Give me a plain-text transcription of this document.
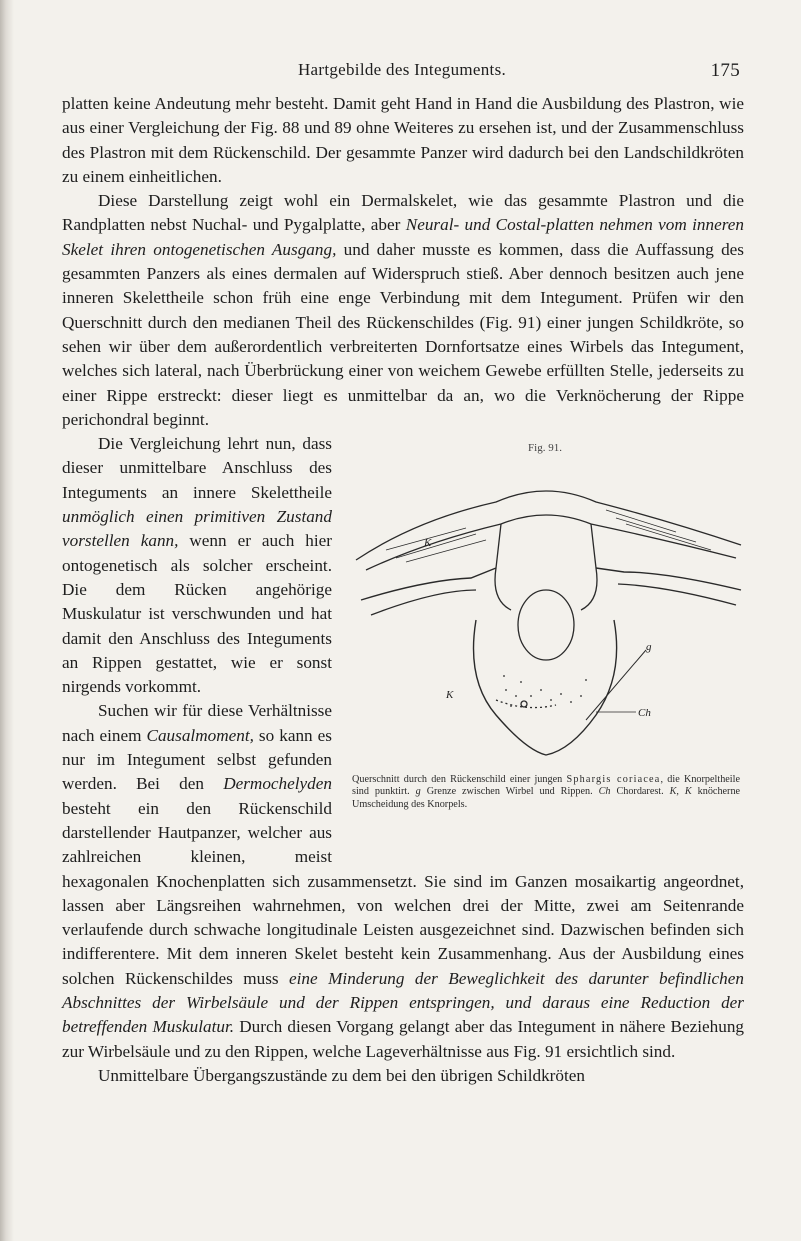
Hartgebilde des Integuments.	175

platten keine Andeutung mehr besteht. Damit geht Hand in Hand die Ausbildung des Plastron, wie aus einer Vergleichung der Fig. 88 und 89 ohne Weiteres zu ersehen ist, und der Zusammenschluss des Plastron mit dem Rückenschild. Der gesammte Panzer wird dadurch bei den Landschildkröten zu einem einheitlichen.

Diese Darstellung zeigt wohl ein Dermalskelet, wie das gesammte Plastron und die Randplatten nebst Nuchal- und Pygalplatte, aber Neural- und Costal-platten nehmen vom inneren Skelet ihren ontogenetischen Ausgang, und daher musste es kommen, dass die Auffassung des gesammten Panzers als eines dermalen auf Widerspruch stieß. Aber dennoch besitzen auch jene inneren Skelettheile schon früh eine enge Verbindung mit dem Integument. Prüfen wir den Querschnitt durch den medianen Theil des Rückenschildes (Fig. 91) einer jungen Schildkröte, so sehen wir über dem außerordentlich verbreiterten Dornfortsatze eines Wirbels das Integument, welches sich lateral, nach Überbrückung einer von weichem Gewebe erfüllten Stelle, jederseits zu einer Rippe erstreckt: dieser liegt es unmittelbar da an, wo die Verknöcherung der Rippe perichondral beginnt.

Fig. 91.
K
K
g
Ch
Querschnitt durch den Rückenschild einer jungen Sphargis coriacea, die Knorpeltheile sind punktirt. g Grenze zwischen Wirbel und Rippen. Ch Chordarest. K, K knöcherne Umscheidung des Knorpels.

Die Vergleichung lehrt nun, dass dieser unmittelbare Anschluss des Integuments an innere Skelettheile unmöglich einen primitiven Zustand vorstellen kann, wenn er auch hier ontogenetisch als solcher erscheint. Die dem Rücken angehörige Muskulatur ist verschwunden und hat damit den Anschluss des Integuments an Rippen gestattet, wie er sonst nirgends vorkommt.

Suchen wir für diese Verhältnisse nach einem Causalmoment, so kann es nur im Integument selbst gefunden werden. Bei den Dermochelyden besteht ein den Rückenschild darstellender Hautpanzer, welcher aus zahlreichen kleinen, meist hexagonalen Knochenplatten sich zusammensetzt. Sie sind im Ganzen mosaikartig angeordnet, lassen aber Längsreihen wahrnehmen, von welchen drei der Mitte, zwei am Seitenrande verlaufende durch schwache longitudinale Leisten ausgezeichnet sind. Dazwischen befinden sich indifferentere. Mit dem inneren Skelet besteht kein Zusammenhang. Aus der Ausbildung eines solchen Rückenschildes muss eine Minderung der Beweglichkeit des darunter befindlichen Abschnittes der Wirbelsäule und der Rippen entspringen, und daraus eine Reduction der betreffenden Muskulatur. Durch diesen Vorgang gelangt aber das Integument in nähere Beziehung zur Wirbelsäule und zu den Rippen, welche Lageverhältnisse aus Fig. 91 ersichtlich sind.

Unmittelbare Übergangszustände zu dem bei den übrigen Schildkröten
